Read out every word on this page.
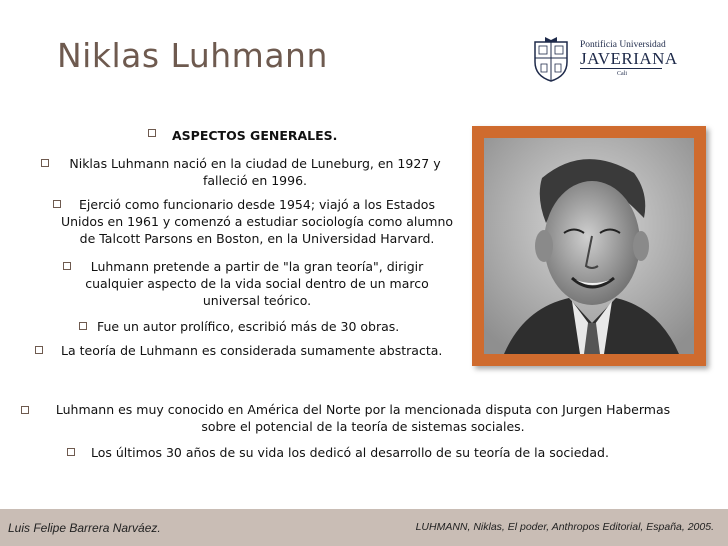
Niklas Luhmann	Pontificia Universidad
JAVERIANA
Cali
ASPECTOS GENERALES.
Niklas Luhmann nació en la ciudad de Luneburg, en 1927 y
falleció en 1996.
Ejerció como funcionario desde 1954; viajó a los Estados
Unidos en 1961 y comenzó a estudiar sociología como alumno
de Talcott Parsons en Boston, en la Universidad Harvard.
Luhmann pretende a partir de "la gran teoría", dirigir
cualquier aspecto de la vida social dentro de un marco
universal teórico.
Fue un autor prolífico, escribió más de 30 obras.
La teoría de Luhmann es considerada sumamente abstracta.
Luhmann es muy conocido en América del Norte por la mencionada disputa con Jurgen Habermas
sobre el potencial de la teoría de sistemas sociales.
Los últimos 30 años de su vida los dedicó al desarrollo de su teoría de la sociedad.
Luis Felipe Barrera Narváez.	LUHMANN, Niklas, El poder, Anthropos Editorial, España, 2005.
